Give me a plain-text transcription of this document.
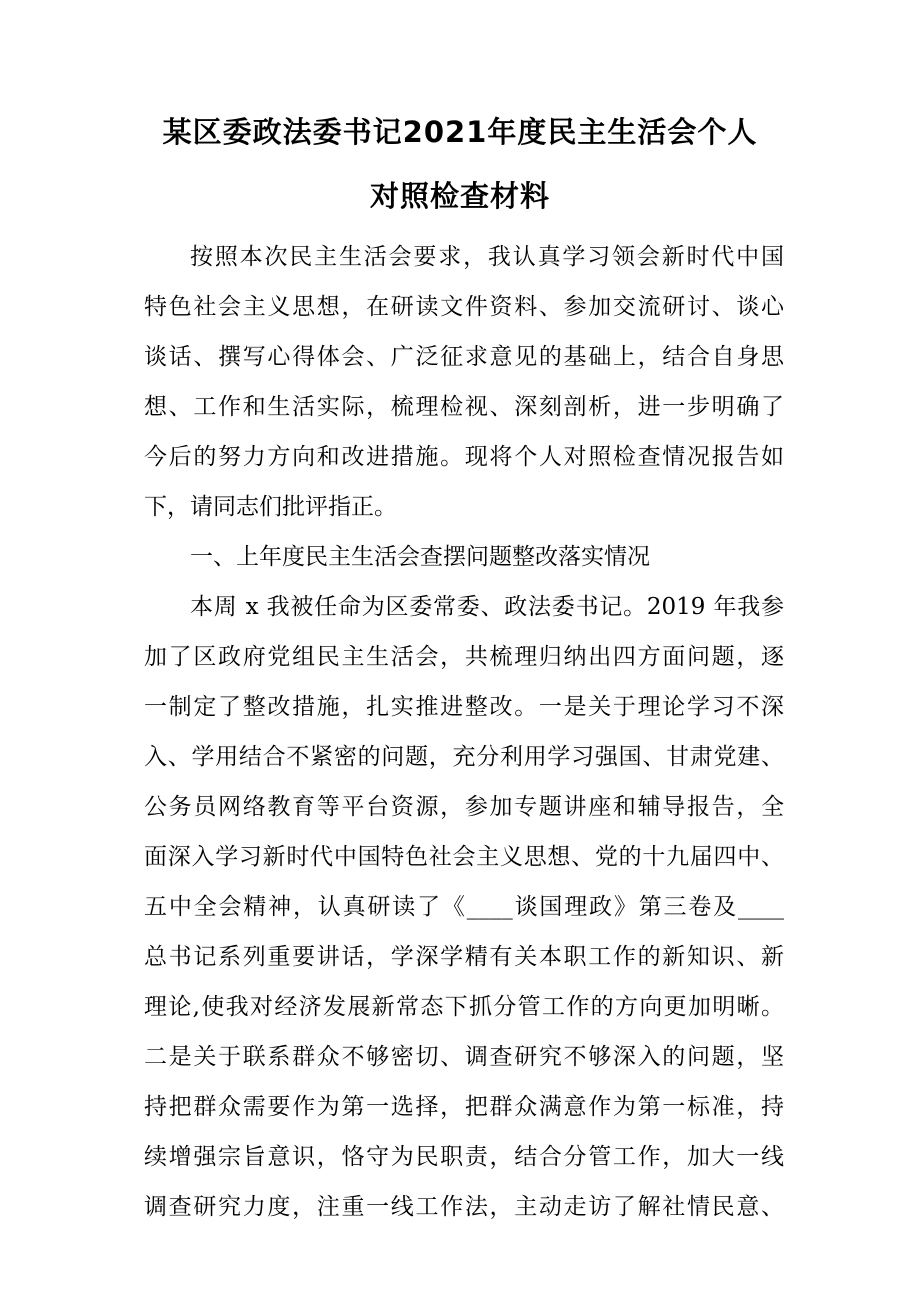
某区委政法委书记2021年度民主生活会个人
对照检查材料
按照本次民主生活会要求，我认真学习领会新时代中国
特色社会主义思想，在研读文件资料、参加交流研讨、谈心
谈话、撰写心得体会、广泛征求意见的基础上，结合自身思
想、工作和生活实际，梳理检视、深刻剖析，进一步明确了
今后的努力方向和改进措施。现将个人对照检查情况报告如
下，请同志们批评指正。
一、上年度民主生活会查摆问题整改落实情况
本周 x 我被任命为区委常委、政法委书记。2019 年我参
加了区政府党组民主生活会，共梳理归纳出四方面问题，逐
一制定了整改措施，扎实推进整改。一是关于理论学习不深
入、学用结合不紧密的问题，充分利用学习强国、甘肃党建、
公务员网络教育等平台资源，参加专题讲座和辅导报告，全
面深入学习新时代中国特色社会主义思想、党的十九届四中、
五中全会精神，认真研读了《____谈国理政》第三卷及____
总书记系列重要讲话，学深学精有关本职工作的新知识、新
理论,使我对经济发展新常态下抓分管工作的方向更加明晰。
二是关于联系群众不够密切、调查研究不够深入的问题，坚
持把群众需要作为第一选择，把群众满意作为第一标准，持
续增强宗旨意识，恪守为民职责，结合分管工作，加大一线
调查研究力度，注重一线工作法，主动走访了解社情民意、
